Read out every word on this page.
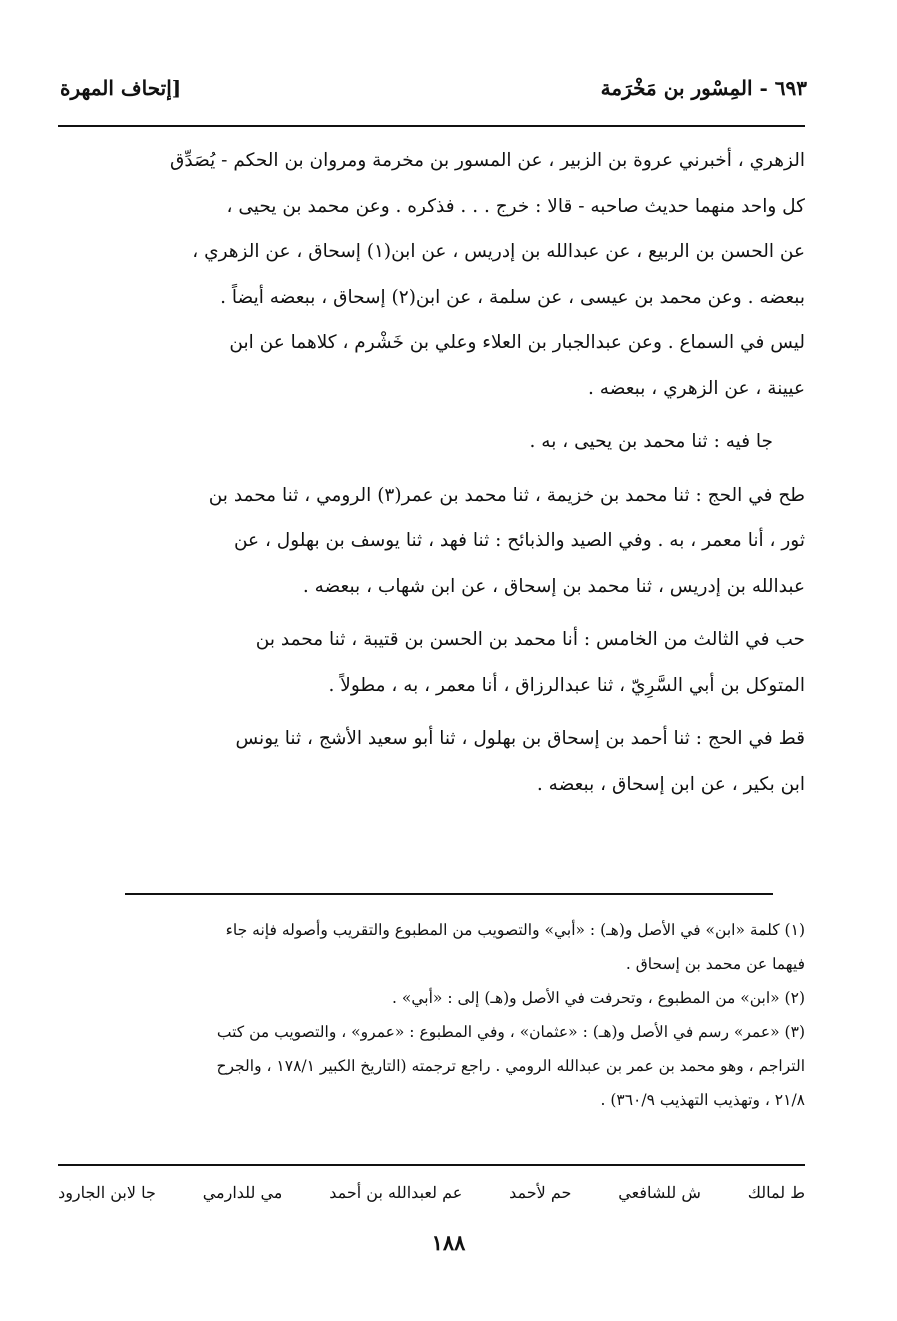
٦٩٣ - المِسْور بن مَخْرَمة
[إتحاف المهرة

الزهري ، أخبرني عروة بن الزبير ، عن المسور بن مخرمة ومروان بن الحكم - يُصَدِّق
كل واحد منهما حديث صاحبه - قالا : خرج . . . فذكره . وعن محمد بن يحيى ،
عن الحسن بن الربيع ، عن عبدالله بن إدريس ، عن ابن(١) إسحاق ، عن الزهري ،
ببعضه . وعن محمد بن عيسى ، عن سلمة ، عن ابن(٢) إسحاق ، ببعضه أيضاً .
ليس في السماع . وعن عبدالجبار بن العلاء وعلي بن خَشْرم ، كلاهما عن ابن
عيينة ، عن الزهري ، ببعضه .

جا فيه : ثنا محمد بن يحيى ، به .

طح في الحج : ثنا محمد بن خزيمة ، ثنا محمد بن عمر(٣) الرومي ، ثنا محمد بن
ثور ، أنا معمر ، به . وفي الصيد والذبائح : ثنا فهد ، ثنا يوسف بن بهلول ، عن
عبدالله بن إدريس ، ثنا محمد بن إسحاق ، عن ابن شهاب ، ببعضه .

حب في الثالث من الخامس : أنا محمد بن الحسن بن قتيبة ، ثنا محمد بن
المتوكل بن أبي السَّرِيّ ، ثنا عبدالرزاق ، أنا معمر ، به ، مطولاً .

قط في الحج : ثنا أحمد بن إسحاق بن بهلول ، ثنا أبو سعيد الأشج ، ثنا يونس
ابن بكير ، عن ابن إسحاق ، ببعضه .

(١) كلمة «ابن» في الأصل و(هـ) : «أبي» والتصويب من المطبوع والتقريب وأصوله فإنه جاء
فيهما عن محمد بن إسحاق .

(٢) «ابن» من المطبوع ، وتحرفت في الأصل و(هـ) إلى : «أبي» .

(٣) «عمر» رسم في الأصل و(هـ) : «عثمان» ، وفي المطبوع : «عمرو» ، والتصويب من كتب
التراجم ، وهو محمد بن عمر بن عبدالله الرومي . راجع ترجمته (التاريخ الكبير ١٧٨/١ ، والجرح
٢١/٨ ، وتهذيب التهذيب ٣٦٠/٩) .

ط لمالك
ش للشافعي
حم لأحمد
عم لعبدالله بن أحمد
مي للدارمي
جا لابن الجارود
١٨٨
